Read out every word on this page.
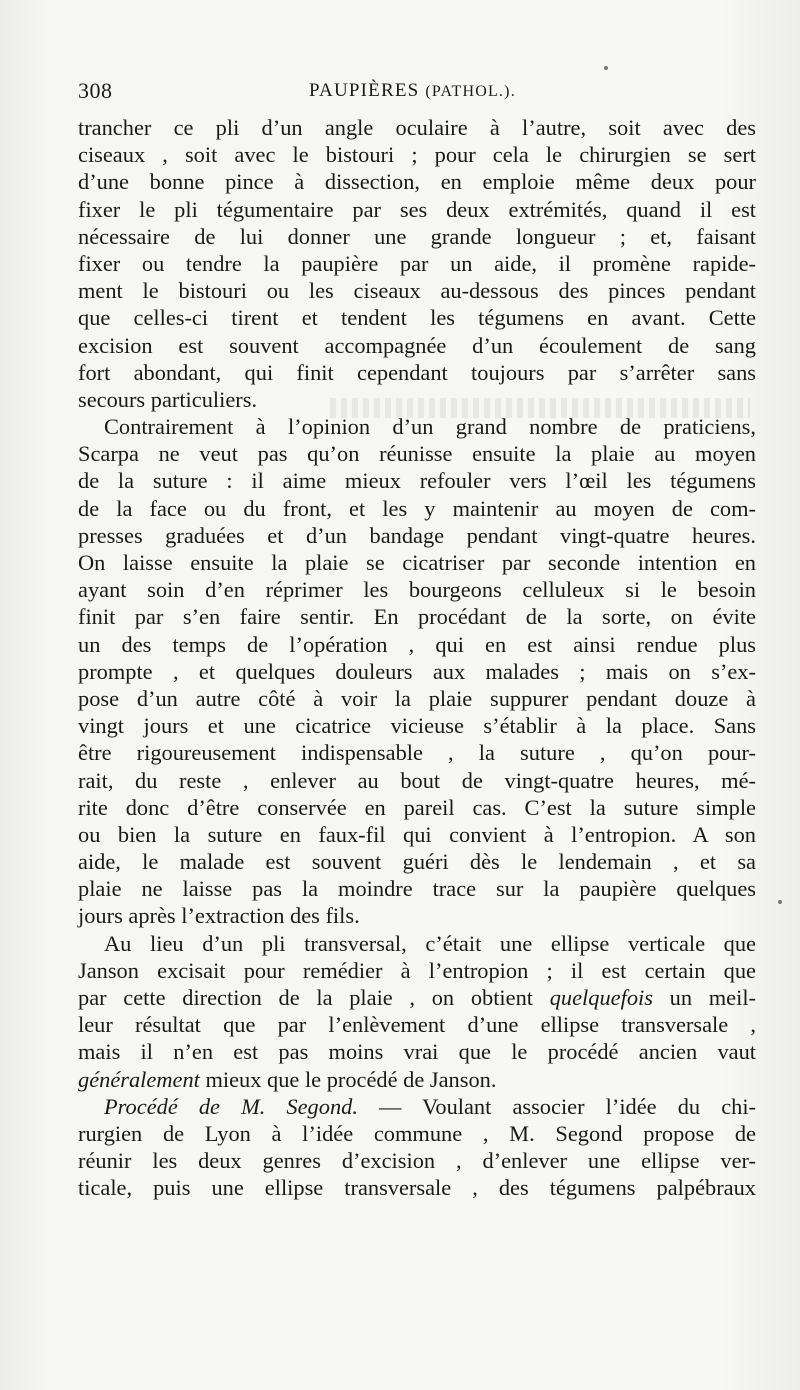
308	PAUPIÈRES (PATHOL.).
trancher ce pli d’un angle oculaire à l’autre, soit avec des
ciseaux , soit avec le bistouri ; pour cela le chirurgien se sert
d’une bonne pince à dissection, en emploie même deux pour
fixer le pli tégumentaire par ses deux extrémités, quand il est
nécessaire de lui donner une grande longueur ; et, faisant
fixer ou tendre la paupière par un aide, il promène rapide-
ment le bistouri ou les ciseaux au-dessous des pinces pendant
que celles-ci tirent et tendent les tégumens en avant. Cette
excision est souvent accompagnée d’un écoulement de sang
fort abondant, qui finit cependant toujours par s’arrêter sans
secours particuliers.
Contrairement à l’opinion d’un grand nombre de praticiens,
Scarpa ne veut pas qu’on réunisse ensuite la plaie au moyen
de la suture : il aime mieux refouler vers l’œil les tégumens
de la face ou du front, et les y maintenir au moyen de com-
presses graduées et d’un bandage pendant vingt-quatre heures.
On laisse ensuite la plaie se cicatriser par seconde intention en
ayant soin d’en réprimer les bourgeons celluleux si le besoin
finit par s’en faire sentir. En procédant de la sorte, on évite
un des temps de l’opération , qui en est ainsi rendue plus
prompte , et quelques douleurs aux malades ; mais on s’ex-
pose d’un autre côté à voir la plaie suppurer pendant douze à
vingt jours et une cicatrice vicieuse s’établir à la place. Sans
être rigoureusement indispensable , la suture , qu’on pour-
rait, du reste , enlever au bout de vingt-quatre heures, mé-
rite donc d’être conservée en pareil cas. C’est la suture simple
ou bien la suture en faux-fil qui convient à l’entropion. A son
aide, le malade est souvent guéri dès le lendemain , et sa
plaie ne laisse pas la moindre trace sur la paupière quelques
jours après l’extraction des fils.
Au lieu d’un pli transversal, c’était une ellipse verticale que
Janson excisait pour remédier à l’entropion ; il est certain que
par cette direction de la plaie , on obtient quelquefois un meil-
leur résultat que par l’enlèvement d’une ellipse transversale ,
mais il n’en est pas moins vrai que le procédé ancien vaut
généralement mieux que le procédé de Janson.
Procédé de M. Segond. — Voulant associer l’idée du chi-
rurgien de Lyon à l’idée commune , M. Segond propose de
réunir les deux genres d’excision , d’enlever une ellipse ver-
ticale, puis une ellipse transversale , des tégumens palpébraux
